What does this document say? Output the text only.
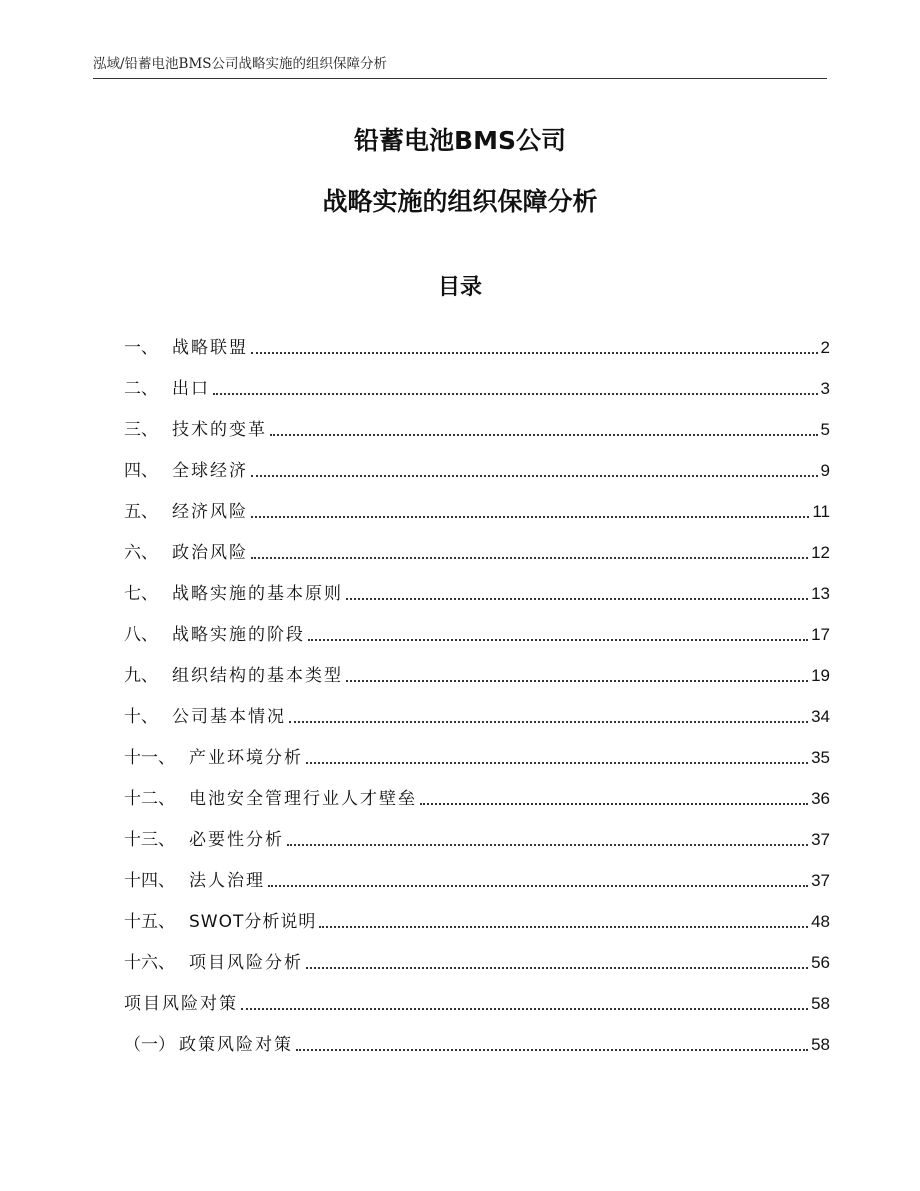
泓域/铅蓄电池BMS公司战略实施的组织保障分析
铅蓄电池BMS公司
战略实施的组织保障分析
目录
一、 战略联盟	2
二、 出口	3
三、 技术的变革	5
四、 全球经济	9
五、 经济风险	11
六、 政治风险	12
七、 战略实施的基本原则	13
八、 战略实施的阶段	17
九、 组织结构的基本类型	19
十、 公司基本情况	34
十一、 产业环境分析	35
十二、 电池安全管理行业人才壁垒	36
十三、 必要性分析	37
十四、 法人治理	37
十五、 SWOT分析说明	48
十六、 项目风险分析	56
项目风险对策	58
（一） 政策风险对策	58
